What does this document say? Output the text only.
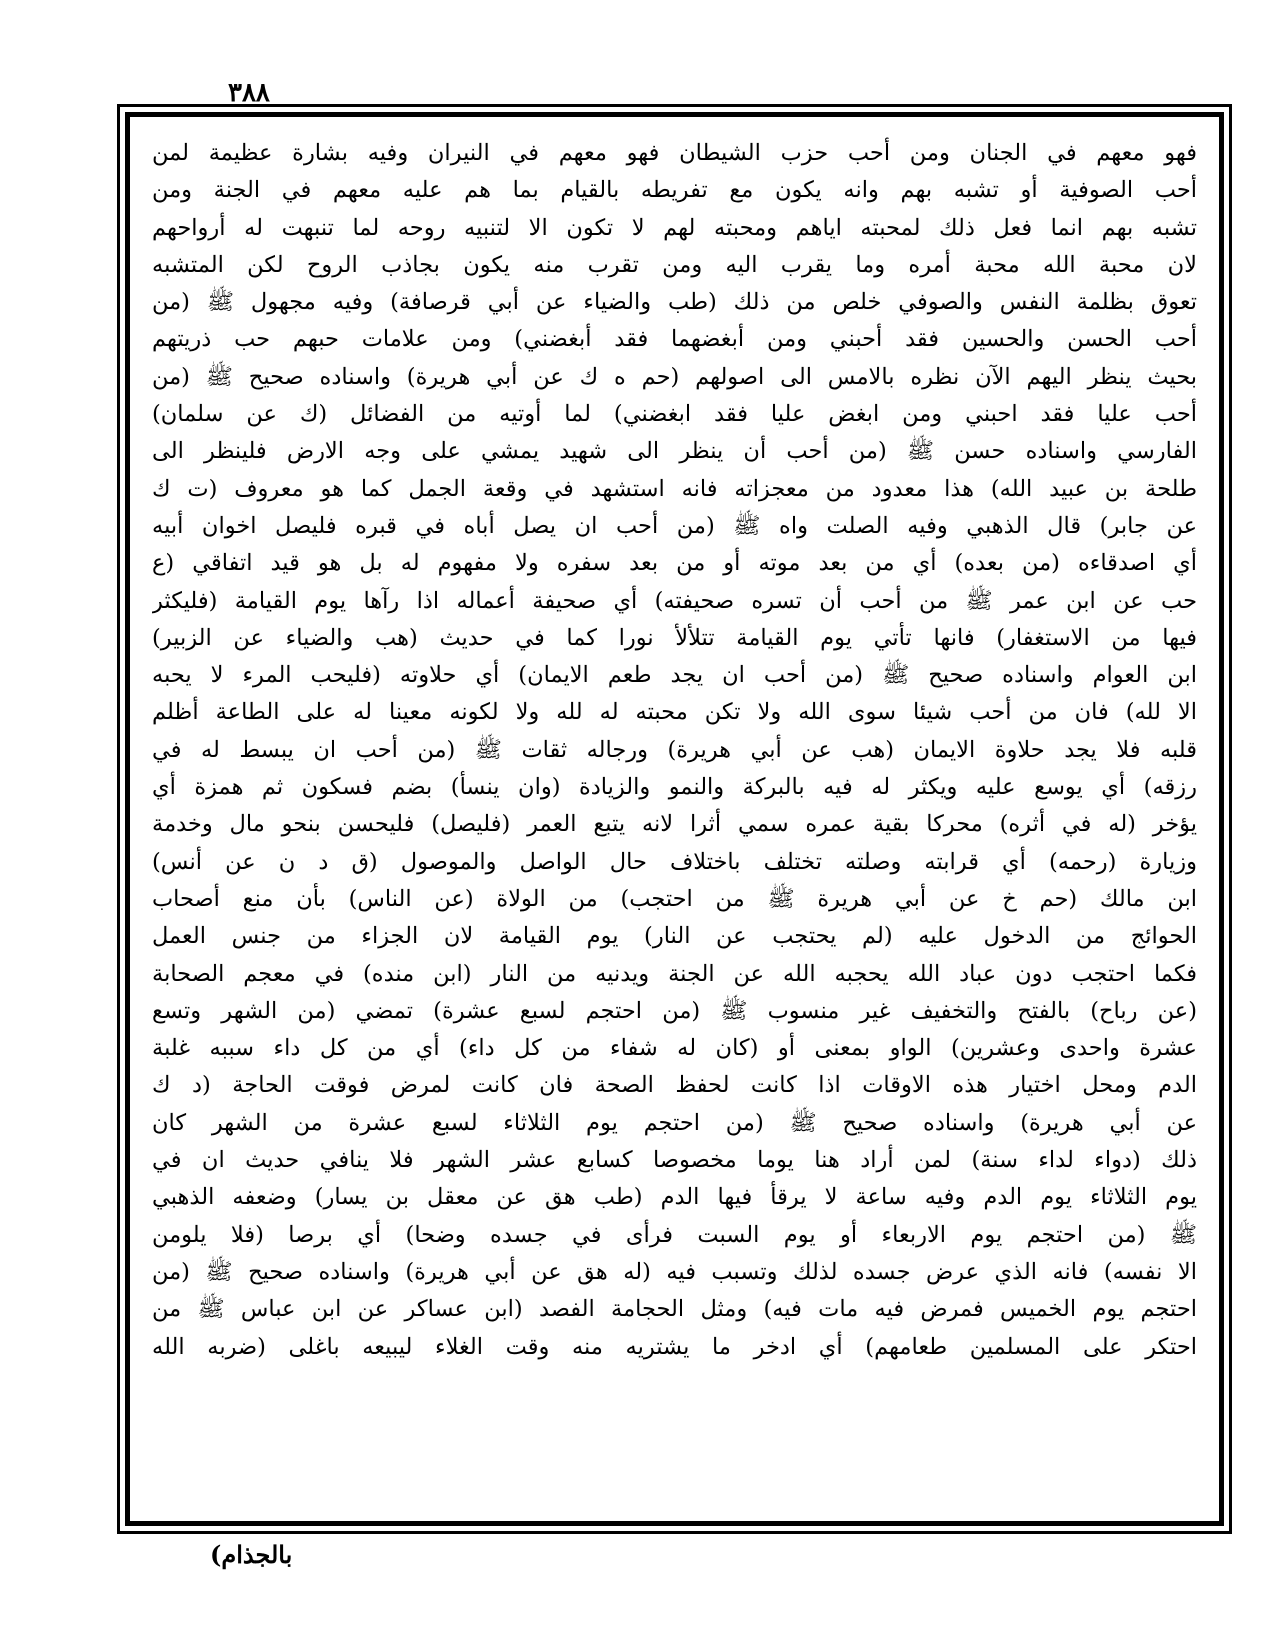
٣٨٨
فهو معهم في الجنان ومن أحب حزب الشيطان فهو معهم في النيران وفيه بشارة عظيمة لمن
أحب الصوفية أو تشبه بهم وانه يكون مع تفريطه بالقيام بما هم عليه معهم في الجنة ومن
تشبه بهم انما فعل ذلك لمحبته اياهم ومحبته لهم لا تكون الا لتنبيه روحه لما تنبهت له أرواحهم
لان محبة الله محبة أمره وما يقرب اليه ومن تقرب منه يكون بجاذب الروح لكن المتشبه
تعوق بظلمة النفس والصوفي خلص من ذلك (طب والضياء عن أبي قرصافة) وفيه مجهول ﷺ (من
أحب الحسن والحسين فقد أحبني ومن أبغضهما فقد أبغضني) ومن علامات حبهم حب ذريتهم
بحيث ينظر اليهم الآن نظره بالامس الى اصولهم (حم ه ك عن أبي هريرة) واسناده صحيح ﷺ (من
أحب عليا فقد احبني ومن ابغض عليا فقد ابغضني) لما أوتيه من الفضائل (ك عن سلمان)
الفارسي واسناده حسن ﷺ (من أحب أن ينظر الى شهيد يمشي على وجه الارض فلينظر الى
طلحة بن عبيد الله) هذا معدود من معجزاته فانه استشهد في وقعة الجمل كما هو معروف (ت ك
عن جابر) قال الذهبي وفيه الصلت واه ﷺ (من أحب ان يصل أباه في قبره فليصل اخوان أبيه
أي اصدقاءه (من بعده) أي من بعد موته أو من بعد سفره ولا مفهوم له بل هو قيد اتفاقي (ع
حب عن ابن عمر ﷺ من أحب أن تسره صحيفته) أي صحيفة أعماله اذا رآها يوم القيامة (فليكثر
فيها من الاستغفار) فانها تأتي يوم القيامة تتلألأ نورا كما في حديث (هب والضياء عن الزبير)
ابن العوام واسناده صحيح ﷺ (من أحب ان يجد طعم الايمان) أي حلاوته (فليحب المرء لا يحبه
الا لله) فان من أحب شيئا سوى الله ولا تكن محبته له لله ولا لكونه معينا له على الطاعة أظلم
قلبه فلا يجد حلاوة الايمان (هب عن أبي هريرة) ورجاله ثقات ﷺ (من أحب ان يبسط له في
رزقه) أي يوسع عليه ويكثر له فيه بالبركة والنمو والزيادة (وان ينسأ) بضم فسكون ثم همزة أي
يؤخر (له في أثره) محركا بقية عمره سمي أثرا لانه يتبع العمر (فليصل) فليحسن بنحو مال وخدمة
وزيارة (رحمه) أي قرابته وصلته تختلف باختلاف حال الواصل والموصول (ق د ن عن أنس)
ابن مالك (حم خ عن أبي هريرة ﷺ من احتجب) من الولاة (عن الناس) بأن منع أصحاب
الحوائج من الدخول عليه (لم يحتجب عن النار) يوم القيامة لان الجزاء من جنس العمل
فكما احتجب دون عباد الله يحجبه الله عن الجنة ويدنيه من النار (ابن منده) في معجم الصحابة
(عن رباح) بالفتح والتخفيف غير منسوب ﷺ (من احتجم لسبع عشرة) تمضي (من الشهر وتسع
عشرة واحدى وعشرين) الواو بمعنى أو (كان له شفاء من كل داء) أي من كل داء سببه غلبة
الدم ومحل اختيار هذه الاوقات اذا كانت لحفظ الصحة فان كانت لمرض فوقت الحاجة (د ك
عن أبي هريرة) واسناده صحيح ﷺ (من احتجم يوم الثلاثاء لسبع عشرة من الشهر كان
ذلك (دواء لداء سنة) لمن أراد هنا يوما مخصوصا كسابع عشر الشهر فلا ينافي حديث ان في
يوم الثلاثاء يوم الدم وفيه ساعة لا يرقأ فيها الدم (طب هق عن معقل بن يسار) وضعفه الذهبي
ﷺ (من احتجم يوم الاربعاء أو يوم السبت فرأى في جسده وضحا) أي برصا (فلا يلومن
الا نفسه) فانه الذي عرض جسده لذلك وتسبب فيه (له هق عن أبي هريرة) واسناده صحيح ﷺ (من
احتجم يوم الخميس فمرض فيه مات فيه) ومثل الحجامة الفصد (ابن عساكر عن ابن عباس ﷺ من
احتكر على المسلمين طعامهم) أي ادخر ما يشتريه منه وقت الغلاء ليبيعه باغلى (ضربه الله
بالجذام)
